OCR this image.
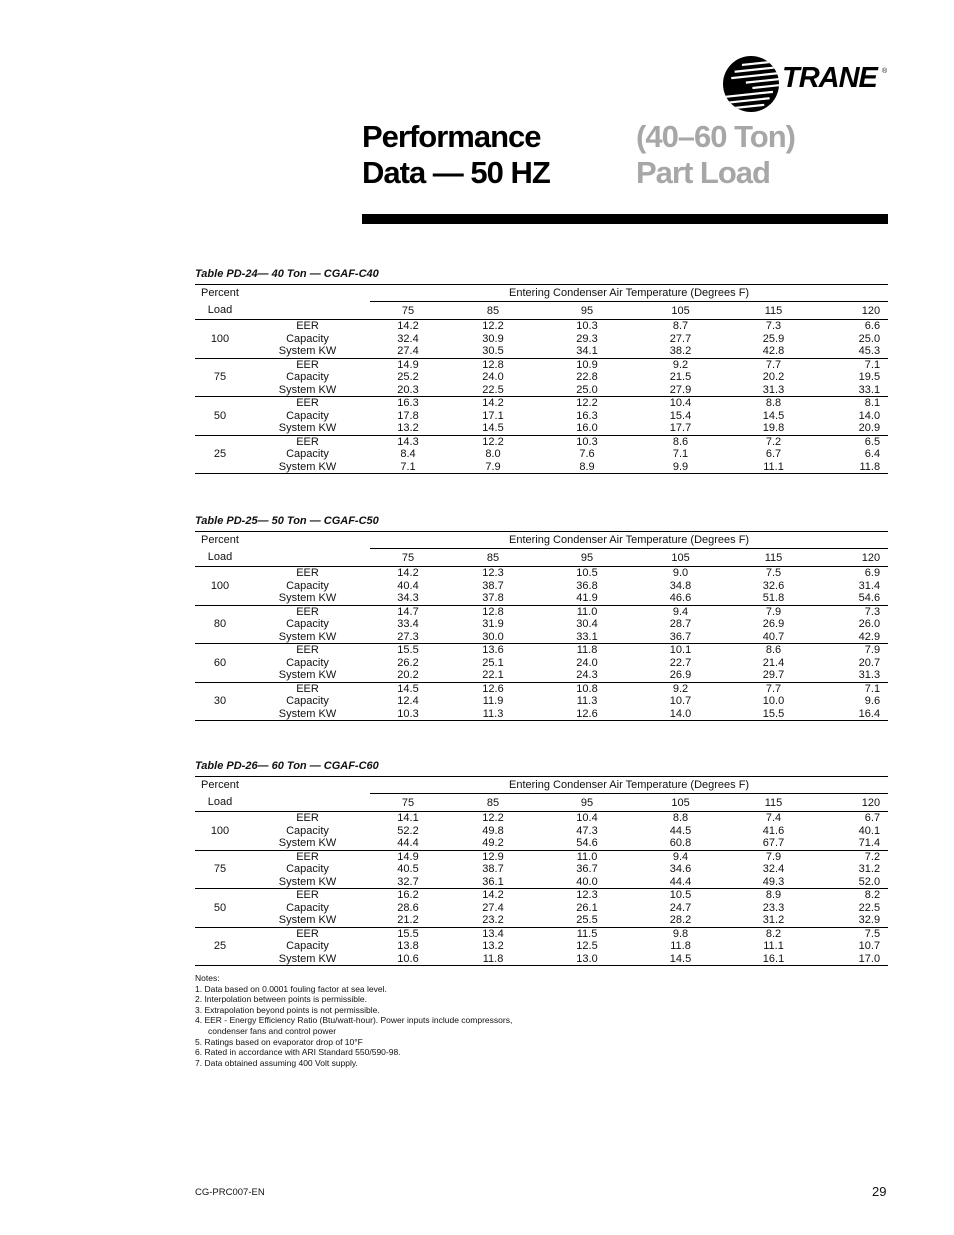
TRANE ®
Performance
Data — 50 HZ
(40–60 Ton)
Part Load
Table PD-24— 40 Ton — CGAF-C40
Percent		Entering Condenser Air Temperature (Degrees F)					
Load		75	85	95	105	115	120
100	EER	14.2	12.2	10.3	8.7	7.3	6.6
	Capacity	32.4	30.9	29.3	27.7	25.9	25.0
	System KW	27.4	30.5	34.1	38.2	42.8	45.3
75	EER	14.9	12.8	10.9	9.2	7.7	7.1
	Capacity	25.2	24.0	22.8	21.5	20.2	19.5
	System KW	20.3	22.5	25.0	27.9	31.3	33.1
50	EER	16.3	14.2	12.2	10.4	8.8	8.1
	Capacity	17.8	17.1	16.3	15.4	14.5	14.0
	System KW	13.2	14.5	16.0	17.7	19.8	20.9
25	EER	14.3	12.2	10.3	8.6	7.2	6.5
	Capacity	8.4	8.0	7.6	7.1	6.7	6.4
	System KW	7.1	7.9	8.9	9.9	11.1	11.8
Table PD-25— 50 Ton — CGAF-C50
Percent		Entering Condenser Air Temperature (Degrees F)					
Load		75	85	95	105	115	120
100	EER	14.2	12.3	10.5	9.0	7.5	6.9
	Capacity	40.4	38.7	36.8	34.8	32.6	31.4
	System KW	34.3	37.8	41.9	46.6	51.8	54.6
80	EER	14.7	12.8	11.0	9.4	7.9	7.3
	Capacity	33.4	31.9	30.4	28.7	26.9	26.0
	System KW	27.3	30.0	33.1	36.7	40.7	42.9
60	EER	15.5	13.6	11.8	10.1	8.6	7.9
	Capacity	26.2	25.1	24.0	22.7	21.4	20.7
	System KW	20.2	22.1	24.3	26.9	29.7	31.3
30	EER	14.5	12.6	10.8	9.2	7.7	7.1
	Capacity	12.4	11.9	11.3	10.7	10.0	9.6
	System KW	10.3	11.3	12.6	14.0	15.5	16.4
Table PD-26— 60 Ton — CGAF-C60
Percent		Entering Condenser Air Temperature (Degrees F)					
Load		75	85	95	105	115	120
100	EER	14.1	12.2	10.4	8.8	7.4	6.7
	Capacity	52.2	49.8	47.3	44.5	41.6	40.1
	System KW	44.4	49.2	54.6	60.8	67.7	71.4
75	EER	14.9	12.9	11.0	9.4	7.9	7.2
	Capacity	40.5	38.7	36.7	34.6	32.4	31.2
	System KW	32.7	36.1	40.0	44.4	49.3	52.0
50	EER	16.2	14.2	12.3	10.5	8.9	8.2
	Capacity	28.6	27.4	26.1	24.7	23.3	22.5
	System KW	21.2	23.2	25.5	28.2	31.2	32.9
25	EER	15.5	13.4	11.5	9.8	8.2	7.5
	Capacity	13.8	13.2	12.5	11.8	11.1	10.7
	System KW	10.6	11.8	13.0	14.5	16.1	17.0
Notes:
1. Data based on 0.0001 fouling factor at sea level.
2. Interpolation between points is permissible.
3. Extrapolation beyond points is not permissible.
4. EER - Energy Efficiency Ratio (Btu/watt-hour). Power inputs include compressors,
condenser fans and control power
5. Ratings based on evaporator drop of 10°F
6. Rated in accordance with ARI Standard 550/590-98.
7. Data obtained assuming 400 Volt supply.
CG-PRC007-EN	29
